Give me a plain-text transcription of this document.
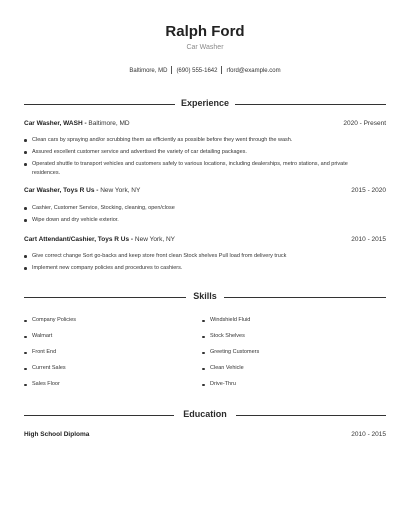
Ralph Ford
Car Washer
Baltimore, MD (690) 555-1642 rford@example.com
Experience
Car Washer, WASH - Baltimore, MD	2020 - Present
Clean cars by spraying and/or scrubbing them as efficiently as possible before they went through the wash.
Assured excellent customer service and advertised the variety of car detailing packages.
Operated shuttle to transport vehicles and customers safely to various locations, including dealerships, metro stations, and private residences.
Car Washer, Toys R Us - New York, NY	2015 - 2020
Cashier, Customer Service, Stocking, cleaning, open/close
Wipe down and dry vehicle exterior.
Cart Attendant/Cashier, Toys R Us - New York, NY	2010 - 2015
Give correct change Sort go-backs and keep store front clean Stock shelves Pull load from delivery truck
Implement new company policies and procedures to cashiers.
Skills
Company Policies
Walmart
Front End
Current Sales
Sales Floor
Windshield Fluid
Stock Shelves
Greeting Customers
Clean Vehicle
Drive-Thru
Education
High School Diploma	2010 - 2015
